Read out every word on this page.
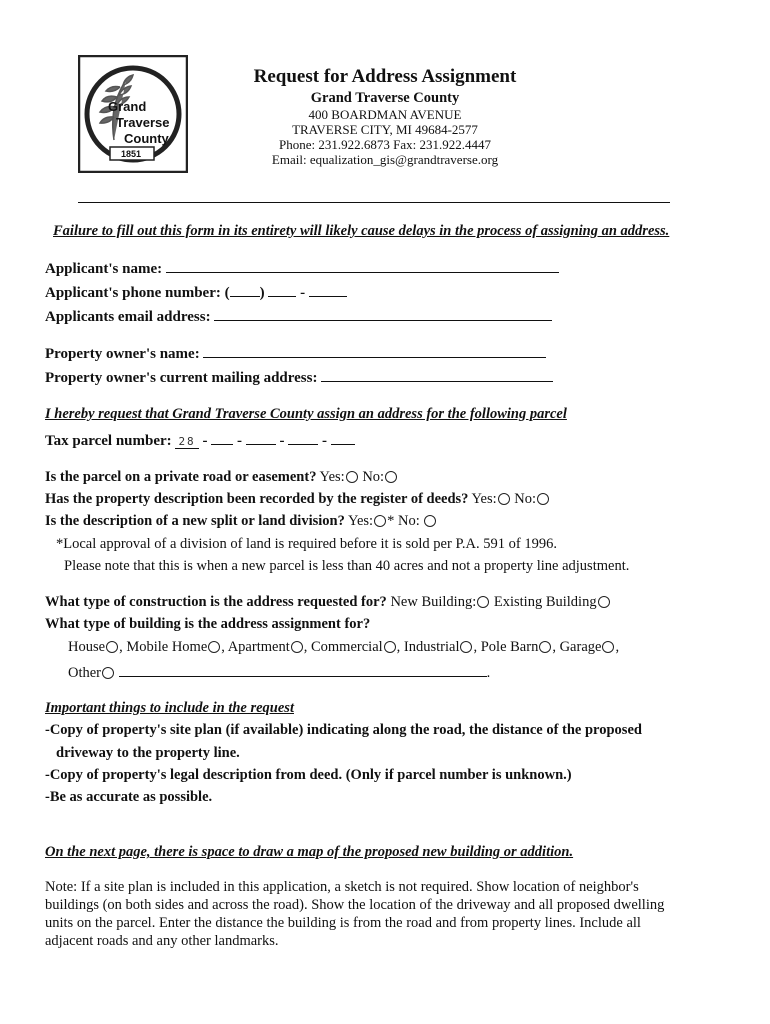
Grand
Traverse
County
1851
Request for Address Assignment
Grand Traverse County
400 BOARDMAN AVENUE
TRAVERSE CITY, MI 49684-2577
Phone: 231.922.6873 Fax: 231.922.4447
Email: equalization_gis@grandtraverse.org
Failure to fill out this form in its entirety will likely cause delays in the process of assigning an address.
Applicant's name:
Applicant's phone number: ( ) -
Applicants email address:
Property owner's name:
Property owner's current mailing address:
I hereby request that Grand Traverse County assign an address for the following parcel
Tax parcel number: 28 - -	-	-
Is the parcel on a private road or easement? Yes: No:
Has the property description been recorded by the register of deeds? Yes: No:
Is the description of a new split or land division? Yes: * No:
*Local approval of a division of land is required before it is sold per P.A. 591 of 1996.
Please note that this is when a new parcel is less than 40 acres and not a property line adjustment.
What type of construction is the address requested for? New Building: Existing Building
What type of building is the address assignment for?
House , Mobile Home , Apartment , Commercial , Industrial , Pole Barn , Garage ,
Other	.
Important things to include in the request
-Copy of property's site plan (if available) indicating along the road, the distance of the proposed
driveway to the property line.
-Copy of property's legal description from deed. (Only if parcel number is unknown.)
-Be as accurate as possible.
On the next page, there is space to draw a map of the proposed new building or addition.
Note: If a site plan is included in this application, a sketch is not required. Show location of neighbor's
buildings (on both sides and across the road). Show the location of the driveway and all proposed dwelling
units on the parcel. Enter the distance the building is from the road and from property lines. Include all
adjacent roads and any other landmarks.
